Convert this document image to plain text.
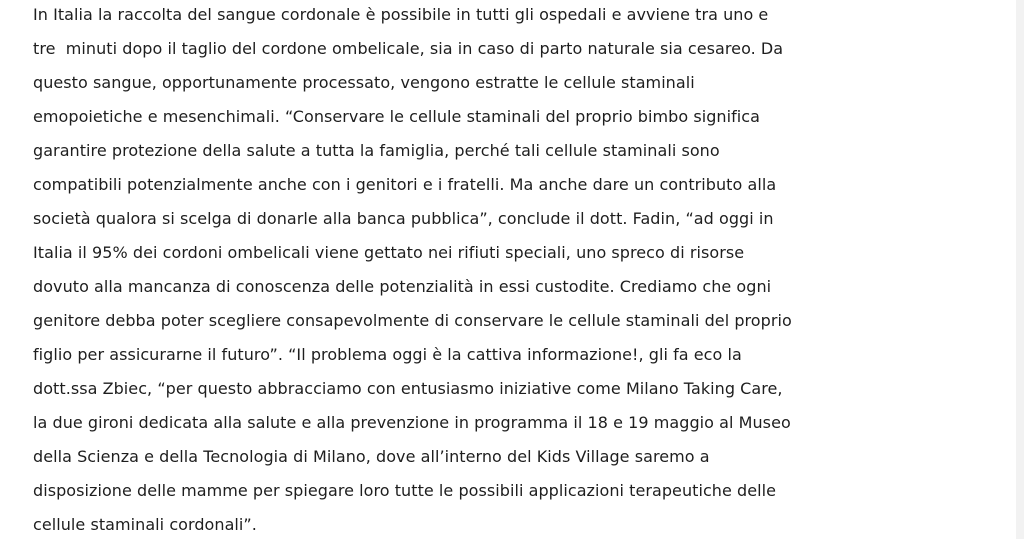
In Italia la raccolta del sangue cordonale è possibile in tutti gli ospedali e avviene tra uno e
tre  minuti dopo il taglio del cordone ombelicale, sia in caso di parto naturale sia cesareo. Da
questo sangue, opportunamente processato, vengono estratte le cellule staminali
emopoietiche e mesenchimali. “Conservare le cellule staminali del proprio bimbo significa
garantire protezione della salute a tutta la famiglia, perché tali cellule staminali sono
compatibili potenzialmente anche con i genitori e i fratelli. Ma anche dare un contributo alla
società qualora si scelga di donarle alla banca pubblica”, conclude il dott. Fadin, “ad oggi in
Italia il 95% dei cordoni ombelicali viene gettato nei rifiuti speciali, uno spreco di risorse
dovuto alla mancanza di conoscenza delle potenzialità in essi custodite. Crediamo che ogni
genitore debba poter scegliere consapevolmente di conservare le cellule staminali del proprio
figlio per assicurarne il futuro”. “Il problema oggi è la cattiva informazione!, gli fa eco la
dott.ssa Zbiec, “per questo abbracciamo con entusiasmo iniziative come Milano Taking Care,
la due gironi dedicata alla salute e alla prevenzione in programma il 18 e 19 maggio al Museo
della Scienza e della Tecnologia di Milano, dove all’interno del Kids Village saremo a
disposizione delle mamme per spiegare loro tutte le possibili applicazioni terapeutiche delle
cellule staminali cordonali”.
